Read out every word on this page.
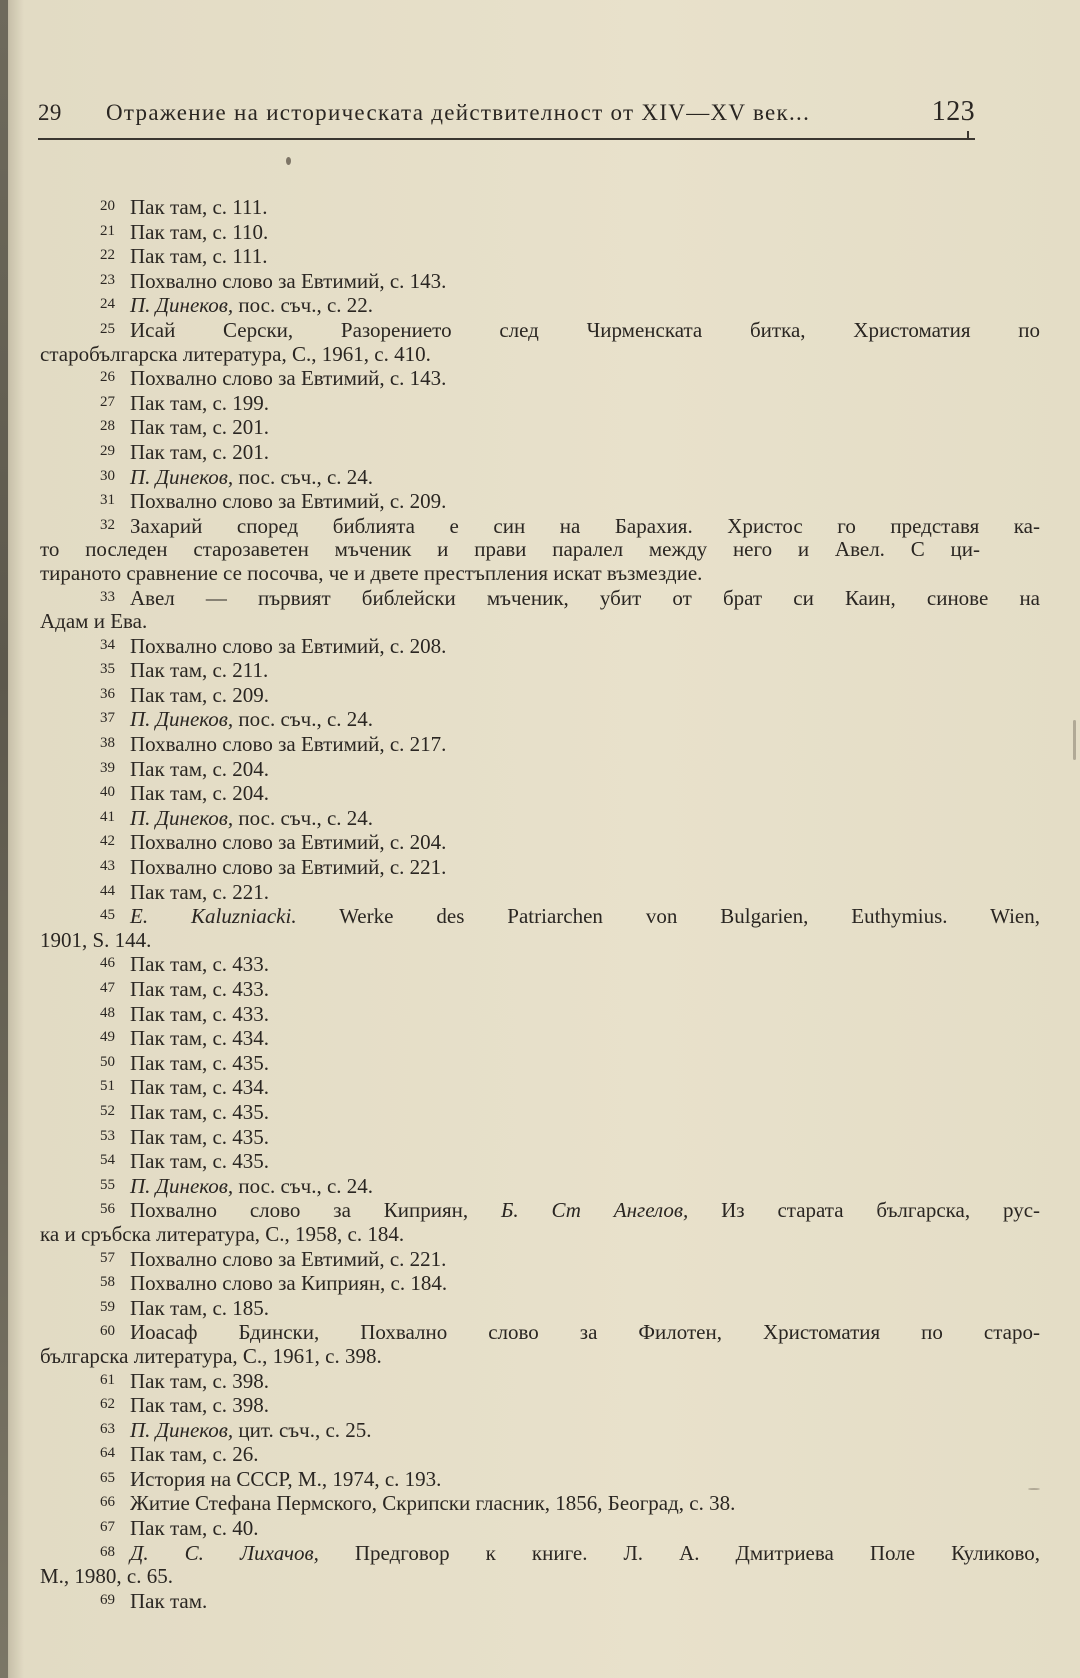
29 Отражение на историческата действителност от XIV—XV век...	123
20 Пак там, с. 111.
21 Пак там, с. 110.
22 Пак там, с. 111.
23 Похвално слово за Евтимий, с. 143.
24 П. Динеков, пос. съч., с. 22.
25 Исай Серски, Разорението след Чирменската битка, Христоматия по
старобългарска литература, С., 1961, с. 410.
26 Похвално слово за Евтимий, с. 143.
27 Пак там, с. 199.
28 Пак там, с. 201.
29 Пак там, с. 201.
30 П. Динеков, пос. съч., с. 24.
31 Похвално слово за Евтимий, с. 209.
32 Захарий според библията е син на Барахия. Христос го представя ка-
то последен старозаветен мъченик и прави паралел между него и Авел. С ци-
тираното сравнение се посочва, че и двете престъпления искат възмездие.
33 Авел — първият библейски мъченик, убит от брат си Каин, синове на
Адам и Ева.
34 Похвално слово за Евтимий, с. 208.
35 Пак там, с. 211.
36 Пак там, с. 209.
37 П. Динеков, пос. съч., с. 24.
38 Похвално слово за Евтимий, с. 217.
39 Пак там, с. 204.
40 Пак там, с. 204.
41 П. Динеков, пос. съч., с. 24.
42 Похвално слово за Евтимий, с. 204.
43 Похвално слово за Евтимий, с. 221.
44 Пак там, с. 221.
45 E. Kaluzniacki. Werke des Patriarchen von Bulgarien, Euthymius. Wien,
1901, S. 144.
46 Пак там, с. 433.
47 Пак там, с. 433.
48 Пак там, с. 433.
49 Пак там, с. 434.
50 Пак там, с. 435.
51 Пак там, с. 434.
52 Пак там, с. 435.
53 Пак там, с. 435.
54 Пак там, с. 435.
55 П. Динеков, пос. съч., с. 24.
56 Похвално слово за Киприян, Б. Ст Ангелов, Из старата българска, рус-
ка и сръбска литература, С., 1958, с. 184.
57 Похвално слово за Евтимий, с. 221.
58 Похвално слово за Киприян, с. 184.
59 Пак там, с. 185.
60 Иоасаф Бдински, Похвално слово за Филотен, Христоматия по старо-
българска литература, С., 1961, с. 398.
61 Пак там, с. 398.
62 Пак там, с. 398.
63 П. Динеков, цит. съч., с. 25.
64 Пак там, с. 26.
65 История на СССР, М., 1974, с. 193.
66 Житие Стефана Пермского, Скрипски гласник, 1856, Београд, с. 38.
67 Пак там, с. 40.
68 Д. С. Лихачов, Предговор к книге. Л. А. Дмитриева Поле Куликово,
М., 1980, с. 65.
69 Пак там.
